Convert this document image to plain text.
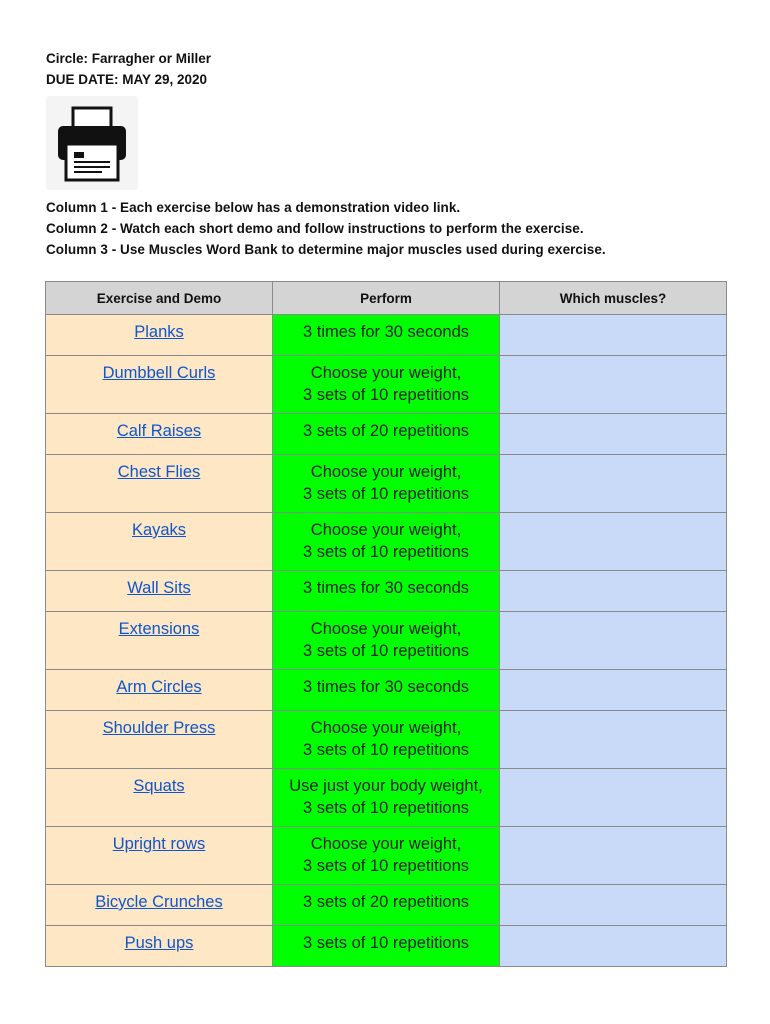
Circle: Farragher or Miller
DUE DATE: MAY 29, 2020
Column 1 - Each exercise below has a demonstration video link.
Column 2 - Watch each short demo and follow instructions to perform the exercise.
Column 3 - Use Muscles Word Bank to determine major muscles used during exercise.
Exercise and Demo	Perform	Which muscles?
Planks	3 times for 30 seconds	

Dumbbell Curls	Choose your weight,
3 sets of 10 repetitions	

Calf Raises	3 sets of 20 repetitions	

Chest Flies	Choose your weight,
3 sets of 10 repetitions	

Kayaks	Choose your weight,
3 sets of 10 repetitions	

Wall Sits	3 times for 30 seconds	

Extensions	Choose your weight,
3 sets of 10 repetitions	

Arm Circles	3 times for 30 seconds	

Shoulder Press	Choose your weight,
3 sets of 10 repetitions	

Squats	Use just your body weight,
3 sets of 10 repetitions	

Upright rows	Choose your weight,
3 sets of 10 repetitions	

Bicycle Crunches	3 sets of 20 repetitions	

Push ups	3 sets of 10 repetitions	
